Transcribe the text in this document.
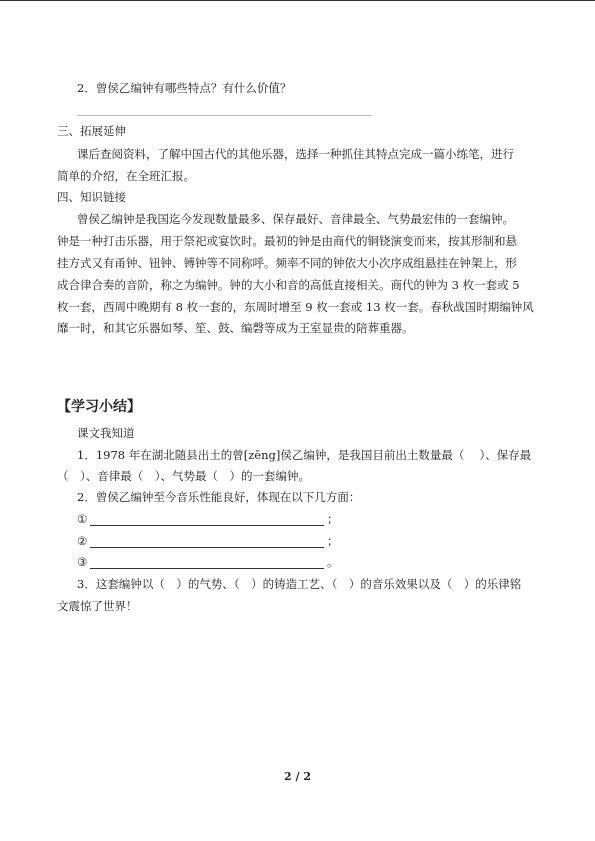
2．曾侯乙编钟有哪些特点？有什么价值？
三、拓展延伸
课后查阅资料，了解中国古代的其他乐器，选择一种抓住其特点完成一篇小练笔，进行
简单的介绍，在全班汇报。
四、知识链接
曾侯乙编钟是我国迄今发现数量最多、保存最好、音律最全、气势最宏伟的一套编钟。
钟是一种打击乐器，用于祭祀或宴饮时。最初的钟是由商代的铜铙演变而来，按其形制和悬
挂方式又有甬钟、钮钟、镈钟等不同称呼。频率不同的钟依大小次序成组悬挂在钟架上，形
成合律合奏的音阶，称之为编钟。钟的大小和音的高低直接相关。商代的钟为 3 枚一套或 5
枚一套，西周中晚期有 8 枚一套的，东周时增至 9 枚一套或 13 枚一套。春秋战国时期编钟风
靡一时，和其它乐器如琴、笙、鼓、编磬等成为王室显贵的陪葬重器。
【学习小结】
课文我知道
1．1978 年在湖北随县出土的曾[zēng]侯乙编钟，是我国目前出土数量最（　 ）、保存最
（　）、音律最（　）、气势最（　）的一套编钟。
2．曾侯乙编钟至今音乐性能良好，体现在以下几方面：
①	；
②	；
③	。
3．这套编钟以（　）的气势、（　）的铸造工艺、（　）的音乐效果以及（　）的乐律铭
文震惊了世界！
2 / 2
